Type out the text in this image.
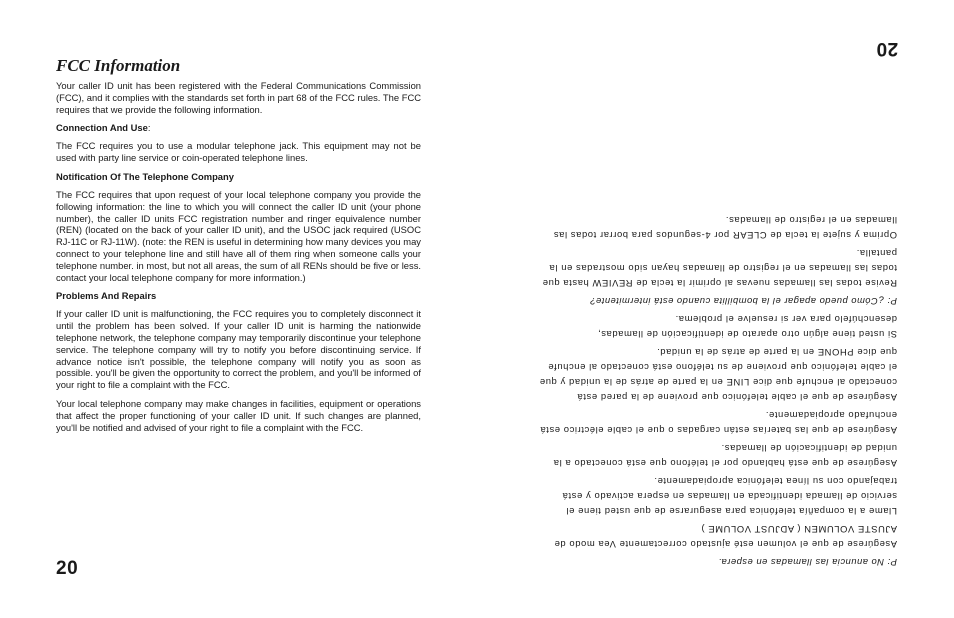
FCC Information

Your caller ID unit has been registered with the Federal Communications Commission (FCC), and it complies with the standards set forth in part 68 of the FCC rules. The FCC requires that we provide the following information.

Connection And Use:

The FCC requires you to use a modular telephone jack. This equipment may not be used with party line service or coin-operated telephone lines.

Notification Of The Telephone Company

The FCC requires that upon request of your local telephone company you provide the following information: the line to which you will connect the caller ID unit (your phone number), the caller ID units FCC registration number and ringer equivalence number (REN) (located on the back of your caller ID unit), and the USOC jack required (USOC RJ-11C or RJ-11W). (note: the REN is useful in determining how many devices you may connect to your telephone line and still have all of them ring when someone calls your telephone number. in most, but not all areas, the sum of all RENs should be five or less. contact your local telephone company for more information.)

Problems And Repairs

If your caller ID unit is malfunctioning, the FCC requires you to completely disconnect it until the problem has been solved. If your caller ID unit is harming the nationwide telephone network, the telephone company may temporarily discontinue your telephone service. The telephone company will try to notify you before discontinuing service. If advance notice isn't possible, the telephone company will notify you as soon as possible. you'll be given the opportunity to correct the problem, and you'll be informed of your right to file a complaint with the FCC.

Your local telephone company may make changes in facilities, equipment or operations that affect the proper functioning of your caller ID unit. If such changes are planned, you'll be notified and advised of your right to file a complaint with the FCC.

20
20

P: No anuncia las llamadas en espera.

Asegúrese de que el volumen esté ajustado correctamente Vea modo de AJUSTE VOLUMEN ( ADJUST VOLUME )

Llame a la compañía telefónica para asegurarse de que usted tiene el servicio de llamada identificada en llamadas en espera activado y está trabajando con su línea telefónica apropiadamente.

Asegúrese de que está hablando por el teléfono que está conectado a la unidad de identificación de llamadas.

Asegúrese de que las baterías están cargadas o que el cable eléctrico está enchufado apropiadamente.

Asegúrese de que el cable telefónico que proviene de la pared está conectado al enchufe que dice LINE en la parte de atrás de la unidad y que el cable telefónico que proviene de su teléfono está conectado al enchufe que dice PHONE en la parte de atrás de la unidad.

Si usted tiene algún otro aparato de identificación de llamadas, desenchúfelo para ver si resuelve el problema.

P: ¿Cómo puedo apagar el la bombillita cuando está intermitente?

Revise todas las llamadas nuevas al oprimir la tecla de REVIEW hasta que todas las llamadas en el registro de llamadas hayan sido mostradas en la pantalla.

Oprima y sujete la tecla de CLEAR por 4-segundos para borrar todas las llamadas en el registro de llamadas.
